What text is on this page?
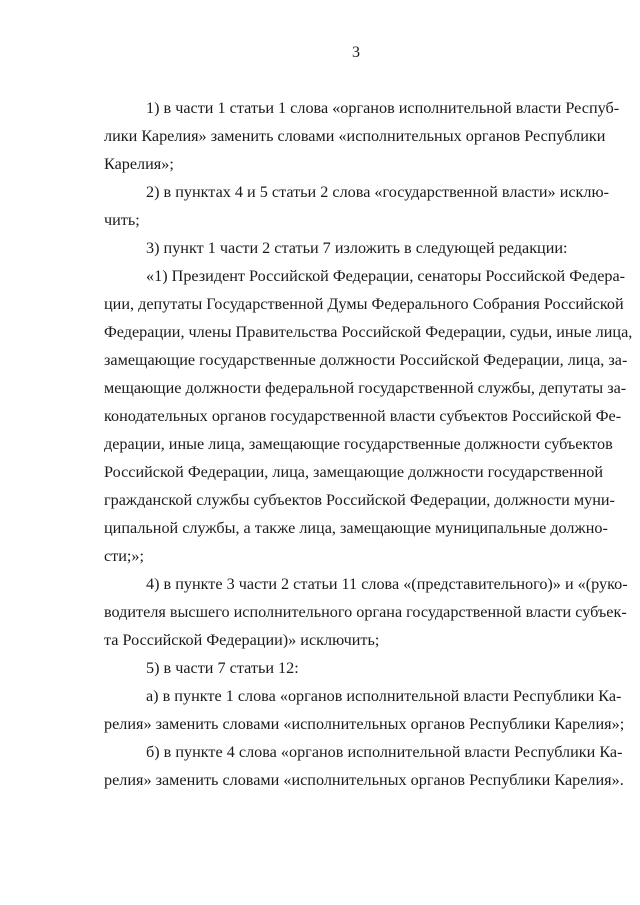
3
1) в части 1 статьи 1 слова «органов исполнительной власти Респуб-
лики Карелия» заменить словами «исполнительных органов Республики
Карелия»;
2) в пунктах 4 и 5 статьи 2 слова «государственной власти» исклю-
чить;
3) пункт 1 части 2 статьи 7 изложить в следующей редакции:
«1) Президент Российской Федерации, сенаторы Российской Федера-
ции, депутаты Государственной Думы Федерального Собрания Российской
Федерации, члены Правительства Российской Федерации, судьи, иные лица,
замещающие государственные должности Российской Федерации, лица, за-
мещающие должности федеральной государственной службы, депутаты за-
конодательных органов государственной власти субъектов Российской Фе-
дерации, иные лица, замещающие государственные должности субъектов
Российской Федерации, лица, замещающие должности государственной
гражданской службы субъектов Российской Федерации, должности муни-
ципальной службы, а также лица, замещающие муниципальные должно-
сти;»;
4) в пункте 3 части 2 статьи 11 слова «(представительного)» и «(руко-
водителя высшего исполнительного органа государственной власти субъек-
та Российской Федерации)» исключить;
5) в части 7 статьи 12:
а) в пункте 1 слова «органов исполнительной власти Республики Ка-
релия» заменить словами «исполнительных органов Республики Карелия»;
б) в пункте 4 слова «органов исполнительной власти Республики Ка-
релия» заменить словами «исполнительных органов Республики Карелия».
